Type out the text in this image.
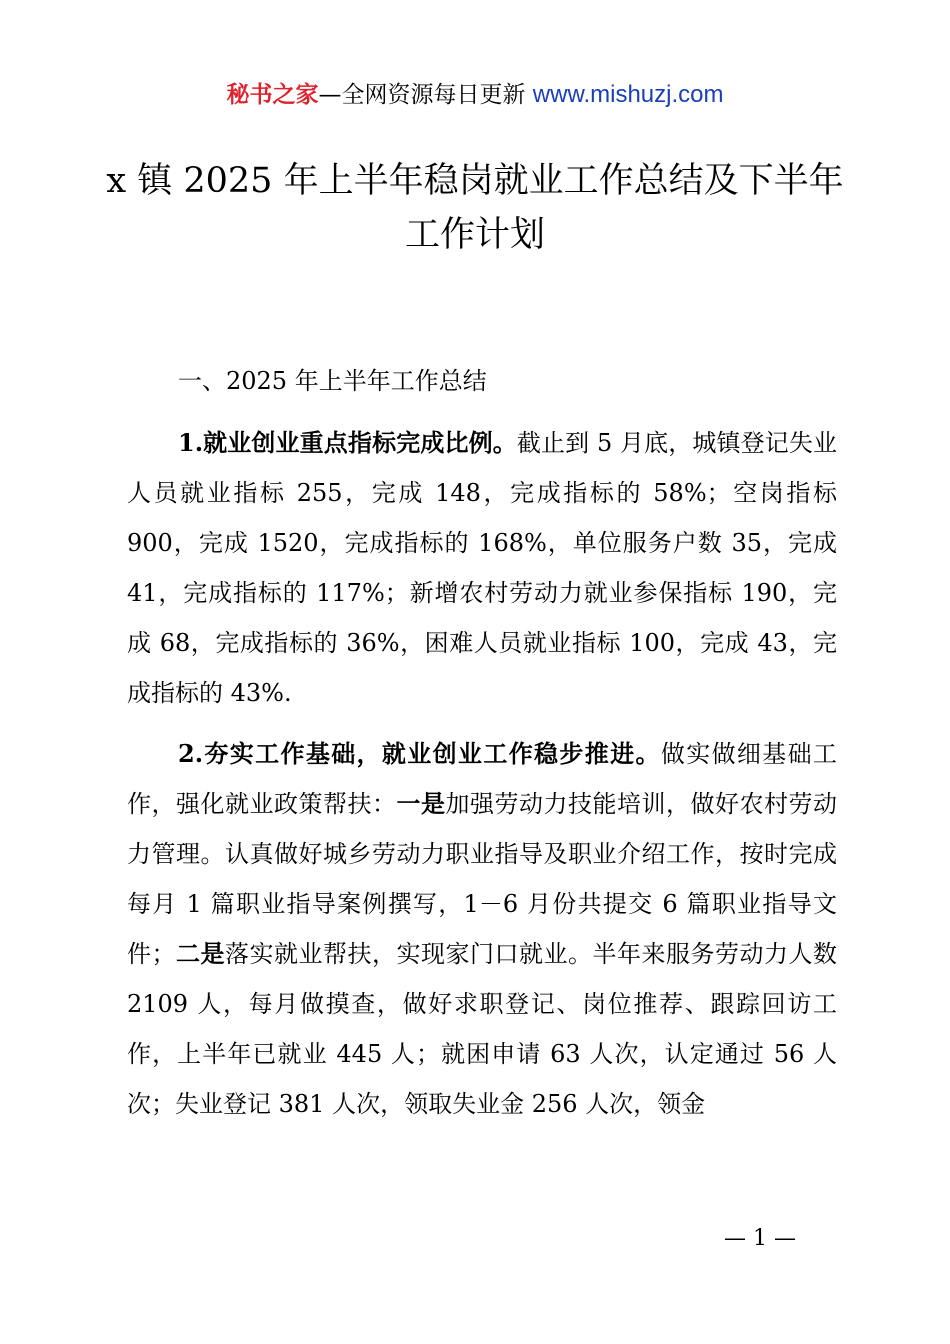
秘书之家—全网资源每日更新 www.mishuzj.com
x 镇 2025 年上半年稳岗就业工作总结及下半年工作计划

一、2025 年上半年工作总结

1.就业创业重点指标完成比例。截止到 5 月底，城镇登记失业人员就业指标 255，完成 148，完成指标的 58%；空岗指标 900，完成 1520，完成指标的 168%，单位服务户数 35，完成 41，完成指标的 117%；新增农村劳动力就业参保指标 190，完成 68，完成指标的 36%，困难人员就业指标 100，完成 43，完成指标的 43%.

2.夯实工作基础，就业创业工作稳步推进。做实做细基础工作，强化就业政策帮扶：一是加强劳动力技能培训，做好农村劳动力管理。认真做好城乡劳动力职业指导及职业介绍工作，按时完成每月 1 篇职业指导案例撰写，1－6 月份共提交 6 篇职业指导文件；二是落实就业帮扶，实现家门口就业。半年来服务劳动力人数 2109 人，每月做摸查，做好求职登记、岗位推荐、跟踪回访工作，上半年已就业 445 人；就困申请 63 人次，认定通过 56 人次；失业登记 381 人次，领取失业金 256 人次，领金

— 1 —
